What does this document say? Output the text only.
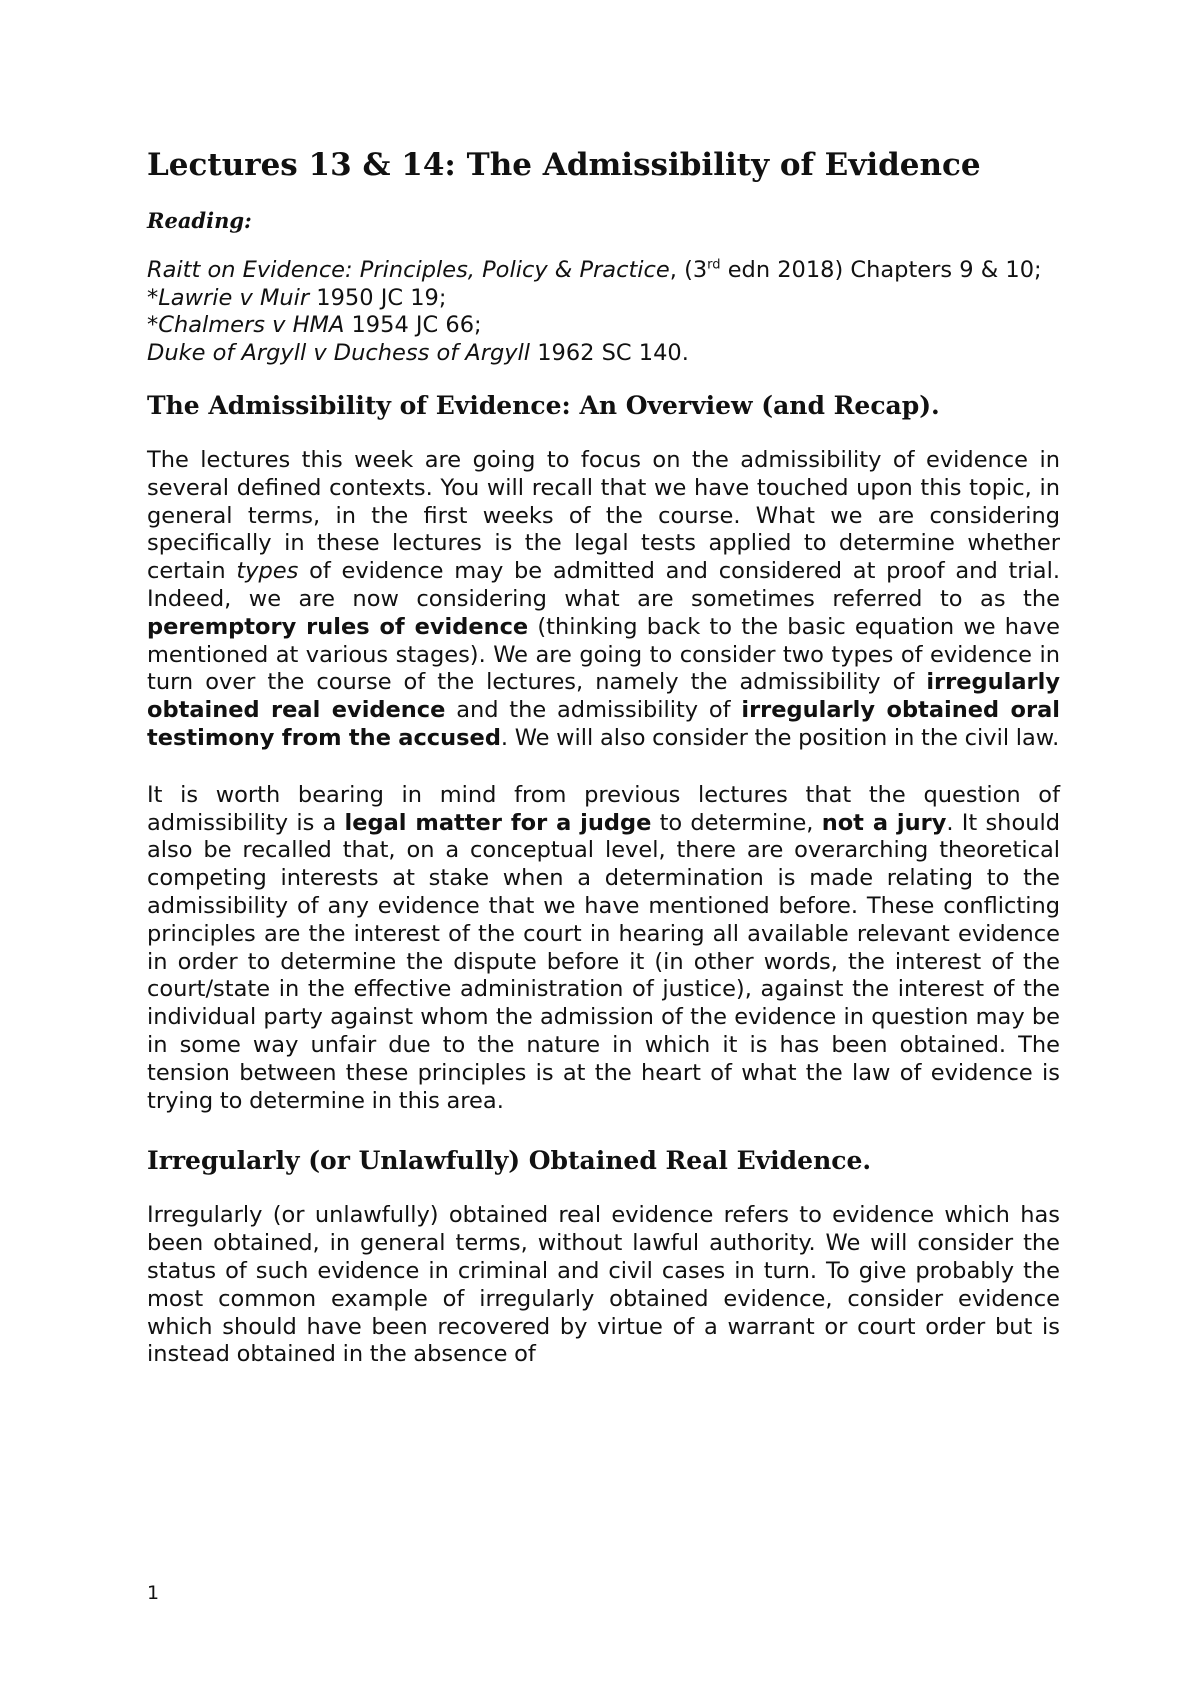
Lectures 13 & 14: The Admissibility of Evidence
Reading:
Raitt on Evidence: Principles, Policy & Practice, (3rd edn 2018) Chapters 9 & 10;
*Lawrie v Muir 1950 JC 19;
*Chalmers v HMA 1954 JC 66;
Duke of Argyll v Duchess of Argyll 1962 SC 140.
The Admissibility of Evidence: An Overview (and Recap).

The lectures this week are going to focus on the admissibility of evidence in several defined contexts. You will recall that we have touched upon this topic, in general terms, in the first weeks of the course. What we are considering specifically in these lectures is the legal tests applied to determine whether certain types of evidence may be admitted and considered at proof and trial. Indeed, we are now considering what are sometimes referred to as the peremptory rules of evidence (thinking back to the basic equation we have mentioned at various stages). We are going to consider two types of evidence in turn over the course of the lectures, namely the admissibility of irregularly obtained real evidence and the admissibility of irregularly obtained oral testimony from the accused. We will also consider the position in the civil law.

It is worth bearing in mind from previous lectures that the question of admissibility is a legal matter for a judge to determine, not a jury. It should also be recalled that, on a conceptual level, there are overarching theoretical competing interests at stake when a determination is made relating to the admissibility of any evidence that we have mentioned before. These conflicting principles are the interest of the court in hearing all available relevant evidence in order to determine the dispute before it (in other words, the interest of the court/state in the effective administration of justice), against the interest of the individual party against whom the admission of the evidence in question may be in some way unfair due to the nature in which it is has been obtained. The tension between these principles is at the heart of what the law of evidence is trying to determine in this area.

Irregularly (or Unlawfully) Obtained Real Evidence.

Irregularly (or unlawfully) obtained real evidence refers to evidence which has been obtained, in general terms, without lawful authority. We will consider the status of such evidence in criminal and civil cases in turn. To give probably the most common example of irregularly obtained evidence, consider evidence which should have been recovered by virtue of a warrant or court order but is instead obtained in the absence of

1
